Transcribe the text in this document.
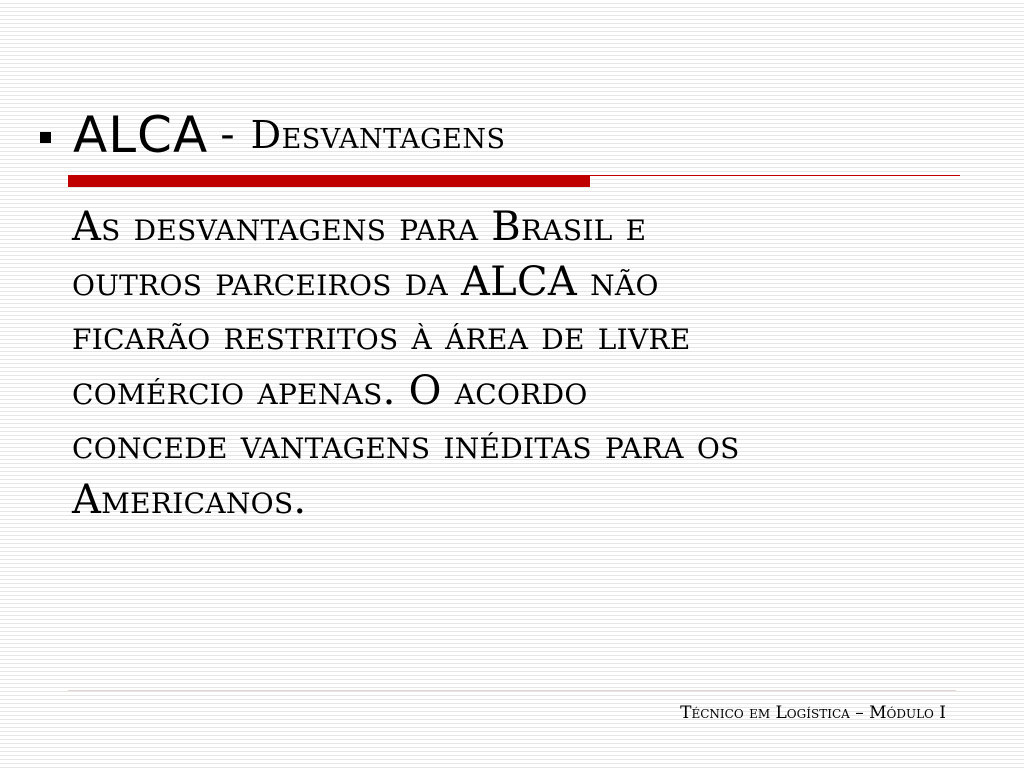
ALCA - Desvantagens
As desvantagens para Brasil e
outros parceiros da ALCA não
ficarão restritos à área de livre
comércio apenas. O acordo
concede vantagens inéditas para os
Americanos.
Técnico em Logística – Módulo I
